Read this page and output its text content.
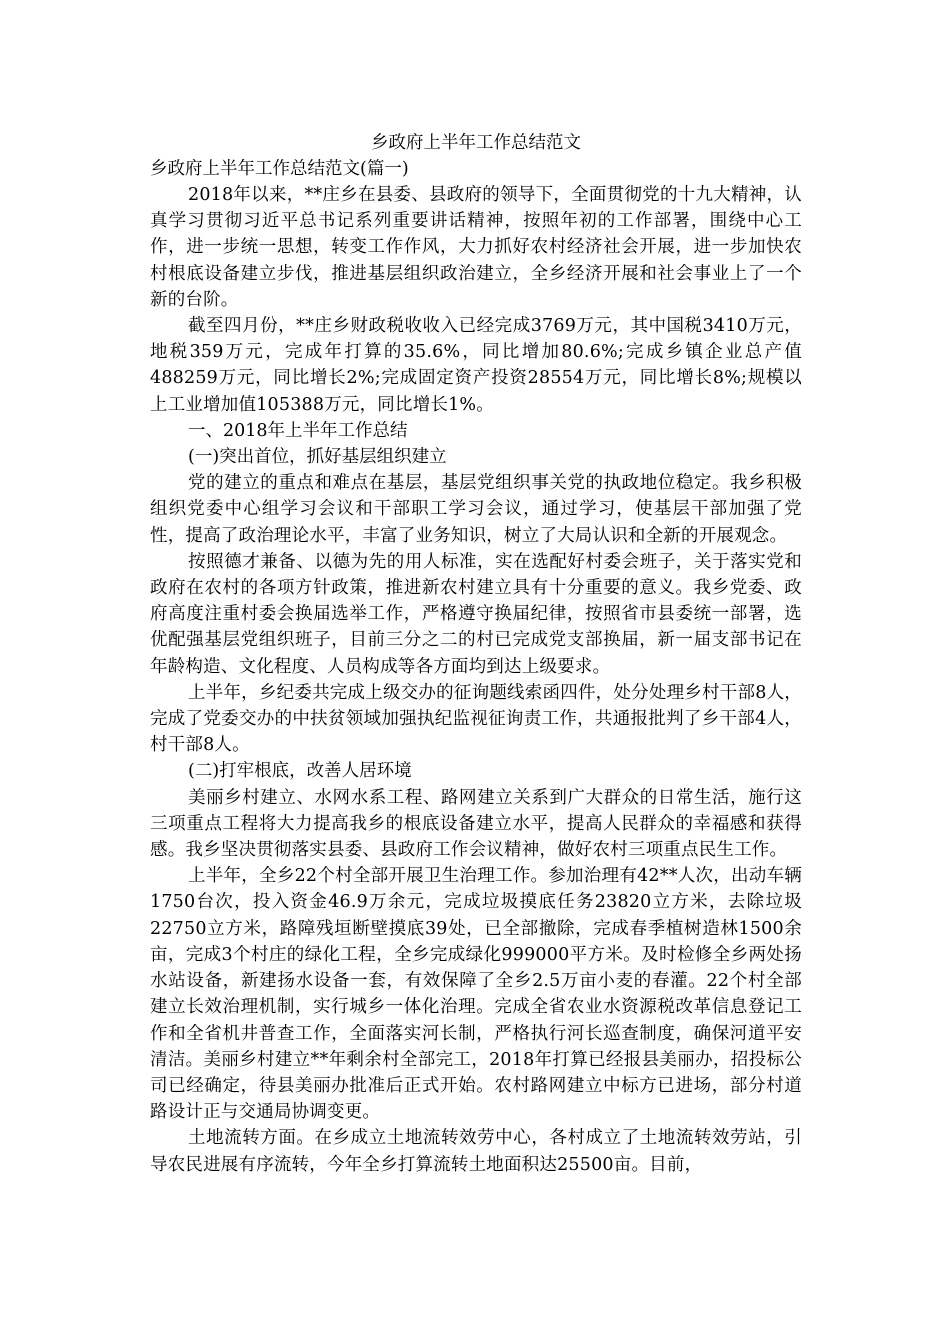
乡政府上半年工作总结范文

乡政府上半年工作总结范文(篇一)

2018年以来，**庄乡在县委、县政府的领导下，全面贯彻党的十九大精神，认真学习贯彻习近平总书记系列重要讲话精神，按照年初的工作部署，围绕中心工作，进一步统一思想，转变工作作风，大力抓好农村经济社会开展，进一步加快农村根底设备建立步伐，推进基层组织政治建立，全乡经济开展和社会事业上了一个新的台阶。

截至四月份，**庄乡财政税收收入已经完成3769万元，其中国税3410万元，地税359万元，完成年打算的35.6%，同比增加80.6%;完成乡镇企业总产值488259万元，同比增长2%;完成固定资产投资28554万元，同比增长8%;规模以上工业增加值105388万元，同比增长1%。

一、2018年上半年工作总结

(一)突出首位，抓好基层组织建立

党的建立的重点和难点在基层，基层党组织事关党的执政地位稳定。我乡积极组织党委中心组学习会议和干部职工学习会议，通过学习，使基层干部加强了党性，提高了政治理论水平，丰富了业务知识，树立了大局认识和全新的开展观念。

按照德才兼备、以德为先的用人标准，实在选配好村委会班子，关于落实党和政府在农村的各项方针政策，推进新农村建立具有十分重要的意义。我乡党委、政府高度注重村委会换届选举工作，严格遵守换届纪律，按照省市县委统一部署，选优配强基层党组织班子，目前三分之二的村已完成党支部换届，新一届支部书记在年龄构造、文化程度、人员构成等各方面均到达上级要求。

上半年，乡纪委共完成上级交办的征询题线索函四件，处分处理乡村干部8人，完成了党委交办的中扶贫领域加强执纪监视征询责工作，共通报批判了乡干部4人，村干部8人。

(二)打牢根底，改善人居环境

美丽乡村建立、水网水系工程、路网建立关系到广大群众的日常生活，施行这三项重点工程将大力提高我乡的根底设备建立水平，提高人民群众的幸福感和获得感。我乡坚决贯彻落实县委、县政府工作会议精神，做好农村三项重点民生工作。

上半年，全乡22个村全部开展卫生治理工作。参加治理有42**人次，出动车辆1750台次，投入资金46.9万余元，完成垃圾摸底任务23820立方米，去除垃圾22750立方米，路障残垣断壁摸底39处，已全部撤除，完成春季植树造林1500余亩，完成3个村庄的绿化工程，全乡完成绿化999000平方米。及时检修全乡两处扬水站设备，新建扬水设备一套，有效保障了全乡2.5万亩小麦的春灌。22个村全部建立长效治理机制，实行城乡一体化治理。完成全省农业水资源税改革信息登记工作和全省机井普查工作，全面落实河长制，严格执行河长巡查制度，确保河道平安清洁。美丽乡村建立**年剩余村全部完工，2018年打算已经报县美丽办，招投标公司已经确定，待县美丽办批准后正式开始。农村路网建立中标方已进场，部分村道路设计正与交通局协调变更。

土地流转方面。在乡成立土地流转效劳中心，各村成立了土地流转效劳站，引导农民进展有序流转，今年全乡打算流转土地面积达25500亩。目前，
